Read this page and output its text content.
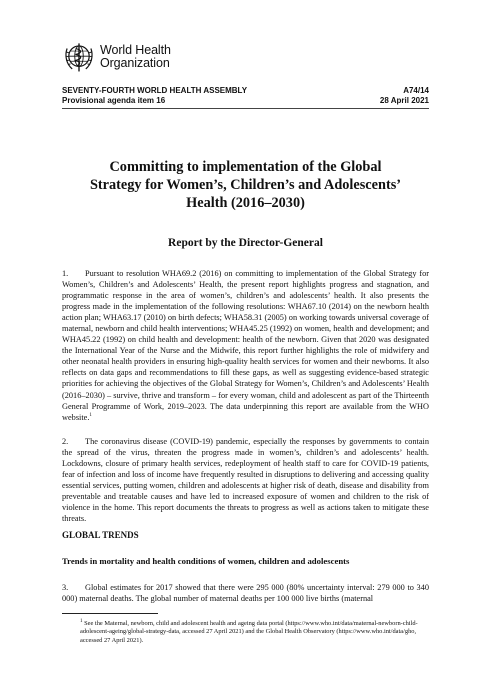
World Health
Organization
SEVENTY-FOURTH WORLD HEALTH ASSEMBLY
Provisional agenda item 16
A74/14
28 April 2021
Committing to implementation of the Global
Strategy for Women’s, Children’s and Adolescents’
Health (2016–2030)
Report by the Director-General
1. Pursuant to resolution WHA69.2 (2016) on committing to implementation of the Global Strategy for Women’s, Children’s and Adolescents’ Health, the present report highlights progress and stagnation, and programmatic response in the area of women’s, children’s and adolescents’ health. It also presents the progress made in the implementation of the following resolutions: WHA67.10 (2014) on the newborn health action plan; WHA63.17 (2010) on birth defects; WHA58.31 (2005) on working towards universal coverage of maternal, newborn and child health interventions; WHA45.25 (1992) on women, health and development; and WHA45.22 (1992) on child health and development: health of the newborn. Given that 2020 was designated the International Year of the Nurse and the Midwife, this report further highlights the role of midwifery and other neonatal health providers in ensuring high-quality health services for women and their newborns. It also reflects on data gaps and recommendations to fill these gaps, as well as suggesting evidence-based strategic priorities for achieving the objectives of the Global Strategy for Women’s, Children’s and Adolescents’ Health (2016–2030) – survive, thrive and transform – for every woman, child and adolescent as part of the Thirteenth General Programme of Work, 2019–2023. The data underpinning this report are available from the WHO website.$^1$
2. The coronavirus disease (COVID-19) pandemic, especially the responses by governments to contain the spread of the virus, threaten the progress made in women’s, children’s and adolescents’ health. Lockdowns, closure of primary health services, redeployment of health staff to care for COVID-19 patients, fear of infection and loss of income have frequently resulted in disruptions to delivering and accessing quality essential services, putting women, children and adolescents at higher risk of death, disease and disability from preventable and treatable causes and have led to increased exposure of women and children to the risk of violence in the home. This report documents the threats to progress as well as actions taken to mitigate these threats.
GLOBAL TRENDS
Trends in mortality and health conditions of women, children and adolescents
3. Global estimates for 2017 showed that there were 295 000 (80% uncertainty interval: 279 000 to 340 000) maternal deaths. The global number of maternal deaths per 100 000 live births (maternal
$^1$ See the Maternal, newborn, child and adolescent health and ageing data portal (https://www.who.int/data/maternal-newborn-child-adolescent-ageing/global-strategy-data, accessed 27 April 2021) and the Global Health Observatory (https://www.who.int/data/gho, accessed 27 April 2021).
